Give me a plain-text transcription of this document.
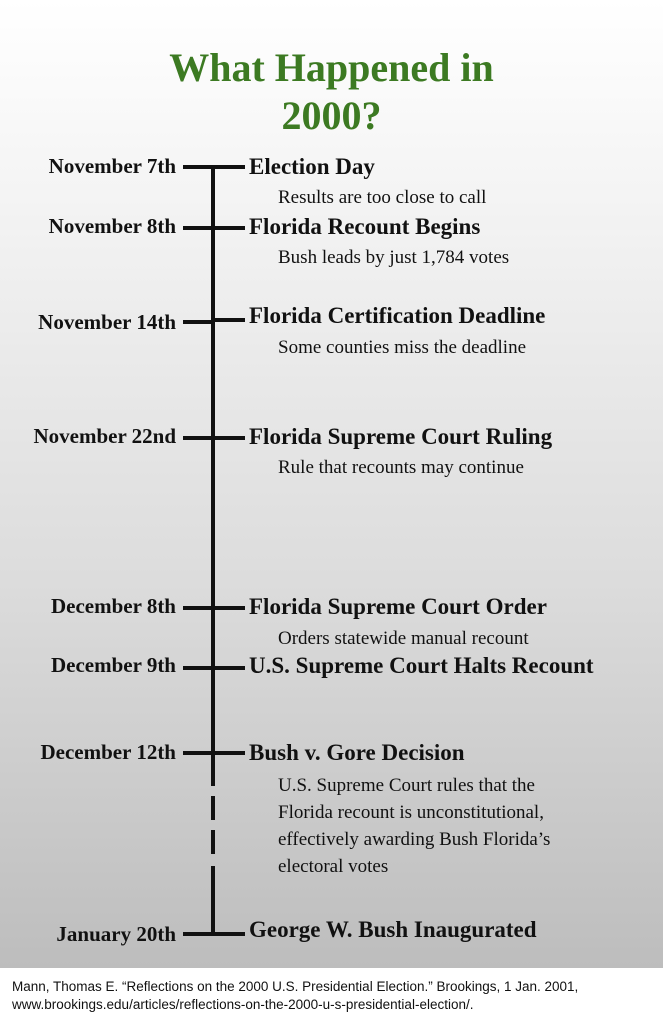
What Happened in
2000?
November 7th	Election Day
Results are too close to call
November 8th	Florida Recount Begins
Bush leads by just 1,784 votes
November 14th	Florida Certification Deadline
Some counties miss the deadline
November 22nd	Florida Supreme Court Ruling
Rule that recounts may continue
December 8th	Florida Supreme Court Order
Orders statewide manual recount
December 9th	U.S. Supreme Court Halts Recount
December 12th	Bush v. Gore Decision
U.S. Supreme Court rules that the
Florida recount is unconstitutional,
effectively awarding Bush Florida’s
electoral votes
January 20th	George W. Bush Inaugurated
Mann, Thomas E. “Reflections on the 2000 U.S. Presidential Election.” Brookings, 1 Jan. 2001,
www.brookings.edu/articles/reflections-on-the-2000-u-s-presidential-election/.
